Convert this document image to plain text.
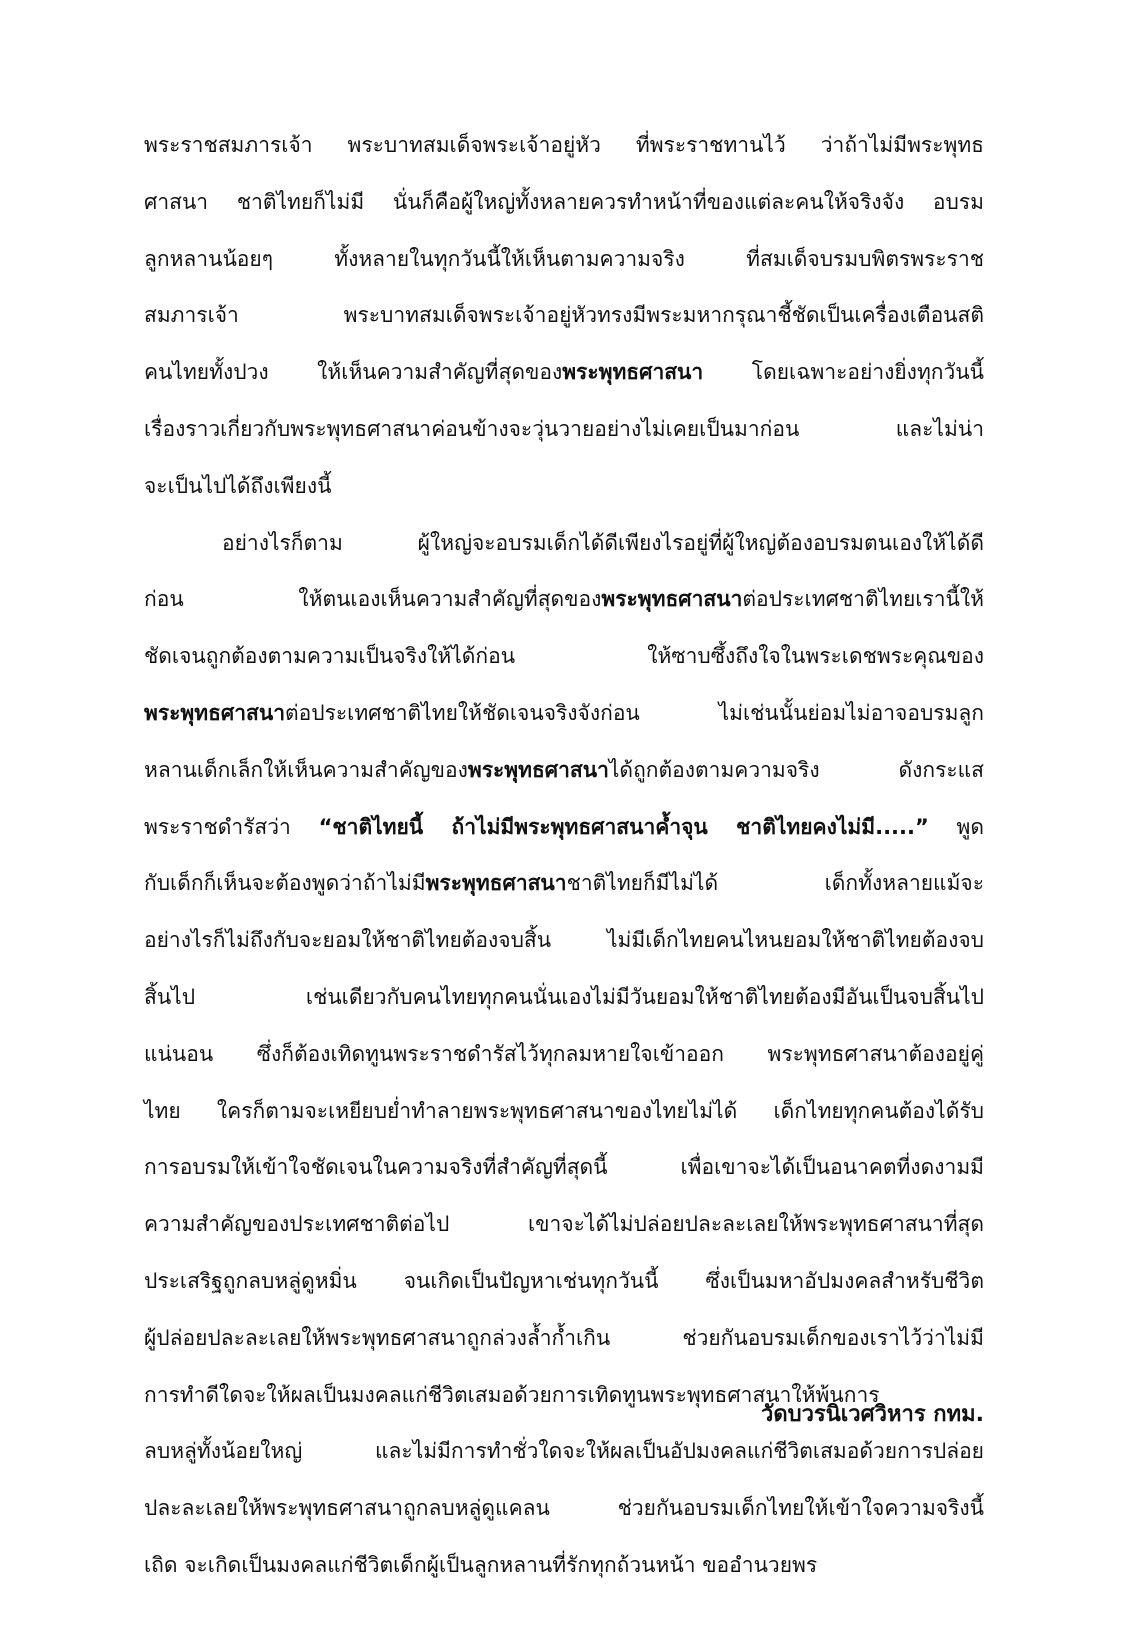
พระราชสมภารเจ้า พระบาทสมเด็จพระเจ้าอยู่หัว ที่พระราชทานไว้ ว่าถ้าไม่มีพระพุทธ
ศาสนา ชาติไทยก็ไม่มี นั่นก็คือผู้ใหญ่ทั้งหลายควรทำหน้าที่ของแต่ละคนให้จริงจัง อบรม
ลูกหลานน้อยๆ ทั้งหลายในทุกวันนี้ให้เห็นตามความจริง ที่สมเด็จบรมบพิตรพระราช
สมภารเจ้า พระบาทสมเด็จพระเจ้าอยู่หัวทรงมีพระมหากรุณาชี้ชัดเป็นเครื่องเตือนสติ
คนไทยทั้งปวง ให้เห็นความสำคัญที่สุดของพระพุทธศาสนา โดยเฉพาะอย่างยิ่งทุกวันนี้
เรื่องราวเกี่ยวกับพระพุทธศาสนาค่อนข้างจะวุ่นวายอย่างไม่เคยเป็นมาก่อน และไม่น่า
จะเป็นไปได้ถึงเพียงนี้
อย่างไรก็ตาม ผู้ใหญ่จะอบรมเด็กได้ดีเพียงไรอยู่ที่ผู้ใหญ่ต้องอบรมตนเองให้ได้ดี
ก่อน ให้ตนเองเห็นความสำคัญที่สุดของพระพุทธศาสนาต่อประเทศชาติไทยเรานี้ให้
ชัดเจนถูกต้องตามความเป็นจริงให้ได้ก่อน ให้ซาบซึ้งถึงใจในพระเดชพระคุณของ
พระพุทธศาสนาต่อประเทศชาติไทยให้ชัดเจนจริงจังก่อน ไม่เช่นนั้นย่อมไม่อาจอบรมลูก
หลานเด็กเล็กให้เห็นความสำคัญของพระพุทธศาสนาได้ถูกต้องตามความจริง ดังกระแส
พระราชดำรัสว่า “ชาติไทยนี้ ถ้าไม่มีพระพุทธศาสนาค้ำจุน ชาติไทยคงไม่มี.....” พูด
กับเด็กก็เห็นจะต้องพูดว่าถ้าไม่มีพระพุทธศาสนาชาติไทยก็มีไม่ได้ เด็กทั้งหลายแม้จะ
อย่างไรก็ไม่ถึงกับจะยอมให้ชาติไทยต้องจบสิ้น ไม่มีเด็กไทยคนไหนยอมให้ชาติไทยต้องจบ
สิ้นไป เช่นเดียวกับคนไทยทุกคนนั่นเองไม่มีวันยอมให้ชาติไทยต้องมีอันเป็นจบสิ้นไป
แน่นอน ซึ่งก็ต้องเทิดทูนพระราชดำรัสไว้ทุกลมหายใจเข้าออก พระพุทธศาสนาต้องอยู่คู่
ไทย ใครก็ตามจะเหยียบย่ำทำลายพระพุทธศาสนาของไทยไม่ได้ เด็กไทยทุกคนต้องได้รับ
การอบรมให้เข้าใจชัดเจนในความจริงที่สำคัญที่สุดนี้ เพื่อเขาจะได้เป็นอนาคตที่งดงามมี
ความสำคัญของประเทศชาติต่อไป เขาจะได้ไม่ปล่อยปละละเลยให้พระพุทธศาสนาที่สุด
ประเสริฐถูกลบหลู่ดูหมิ่น จนเกิดเป็นปัญหาเช่นทุกวันนี้ ซึ่งเป็นมหาอัปมงคลสำหรับชีวิต
ผู้ปล่อยปละละเลยให้พระพุทธศาสนาถูกล่วงล้ำก้ำเกิน ช่วยกันอบรมเด็กของเราไว้ว่าไม่มี
การทำดีใดจะให้ผลเป็นมงคลแก่ชีวิตเสมอด้วยการเทิดทูนพระพุทธศาสนาให้พ้นการ
ลบหลู่ทั้งน้อยใหญ่ และไม่มีการทำชั่วใดจะให้ผลเป็นอัปมงคลแก่ชีวิตเสมอด้วยการปล่อย
ปละละเลยให้พระพุทธศาสนาถูกลบหลู่ดูแคลน ช่วยกันอบรมเด็กไทยให้เข้าใจความจริงนี้
เถิด จะเกิดเป็นมงคลแก่ชีวิตเด็กผู้เป็นลูกหลานที่รักทุกถ้วนหน้า ขออำนวยพร
วัดบวรนิเวศวิหาร กทม.
